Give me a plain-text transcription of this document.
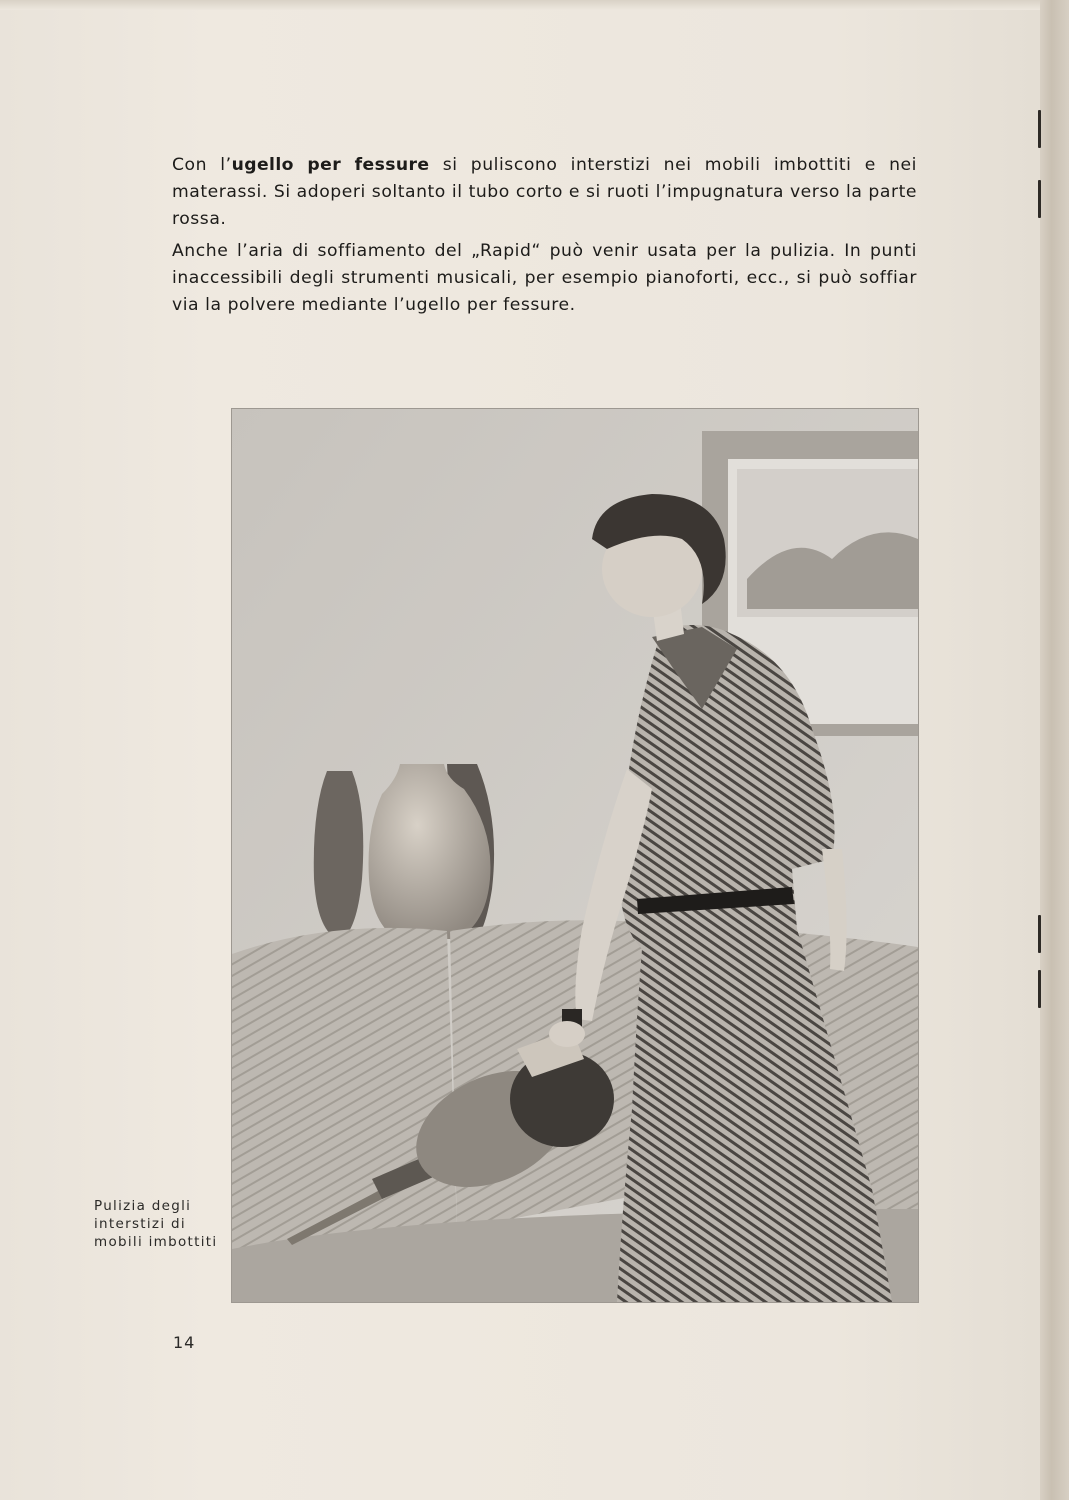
Con l’ugello per fessure si puliscono interstizi nei mobili imbottiti e nei materassi. Si adoperi soltanto il tubo corto e si ruoti l’impugnatura verso la parte rossa.

Anche l’aria di soffiamento del „Rapid“ può venir usata per la pulizia. In punti inaccessibili degli strumenti musicali, per esempio pianoforti, ecc., si può soffiar via la polvere mediante l’ugello per fessure.

Pulizia degli
interstizi di
mobili imbottiti
14
